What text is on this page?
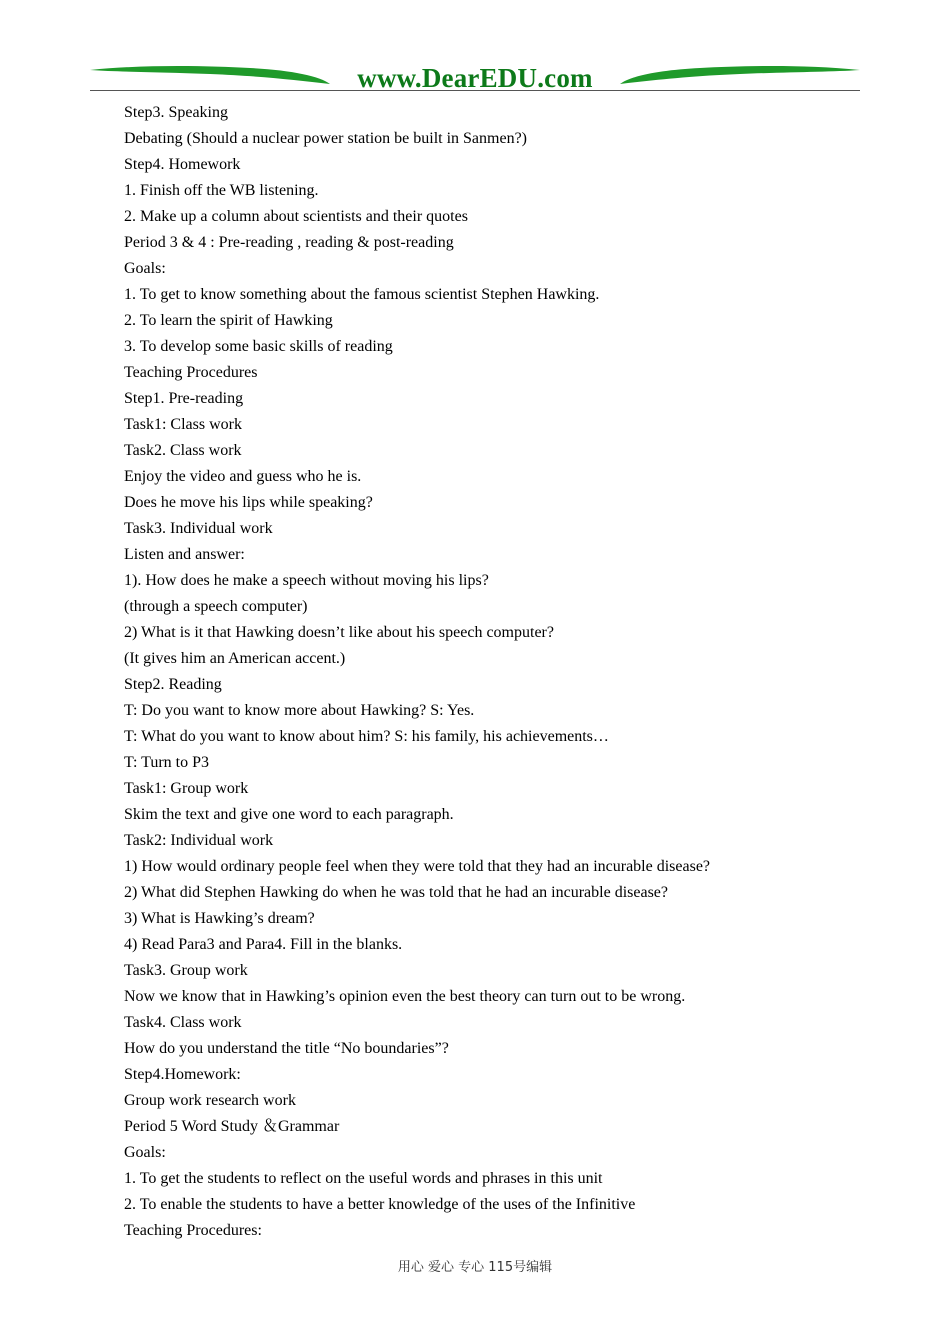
www.DearEDU.com
Step3. Speaking
Debating (Should a nuclear power station be built in Sanmen?)
Step4. Homework
1. Finish off the WB listening.
2. Make up a column about scientists and their quotes
Period 3 & 4 : Pre-reading , reading & post-reading
Goals:
1. To get to know something about the famous scientist Stephen Hawking.
2. To learn the spirit of Hawking
3. To develop some basic skills of reading
Teaching Procedures
Step1. Pre-reading
Task1: Class work
Task2. Class work
Enjoy the video and guess who he is.
Does he move his lips while speaking?
Task3. Individual work
Listen and answer:
1). How does he make a speech without moving his lips?
(through a speech computer)
2) What is it that Hawking doesn’t like about his speech computer?
(It gives him an American accent.)
Step2. Reading
T: Do you want to know more about Hawking? S: Yes.
T: What do you want to know about him? S: his family, his achievements…
T: Turn to P3
Task1: Group work
Skim the text and give one word to each paragraph.
Task2: Individual work
1) How would ordinary people feel when they were told that they had an incurable disease?
2) What did Stephen Hawking do when he was told that he had an incurable disease?
3) What is Hawking’s dream?
4) Read Para3 and Para4. Fill in the blanks.
Task3. Group work
Now we know that in Hawking’s opinion even the best theory can turn out to be wrong.
Task4. Class work
How do you understand the title “No boundaries”?
Step4.Homework:
Group work research work
Period 5 Word Study ＆Grammar
Goals:
1. To get the students to reflect on the useful words and phrases in this unit
2. To enable the students to have a better knowledge of the uses of the Infinitive
Teaching Procedures:
用心 爱心 专心 115号编辑
